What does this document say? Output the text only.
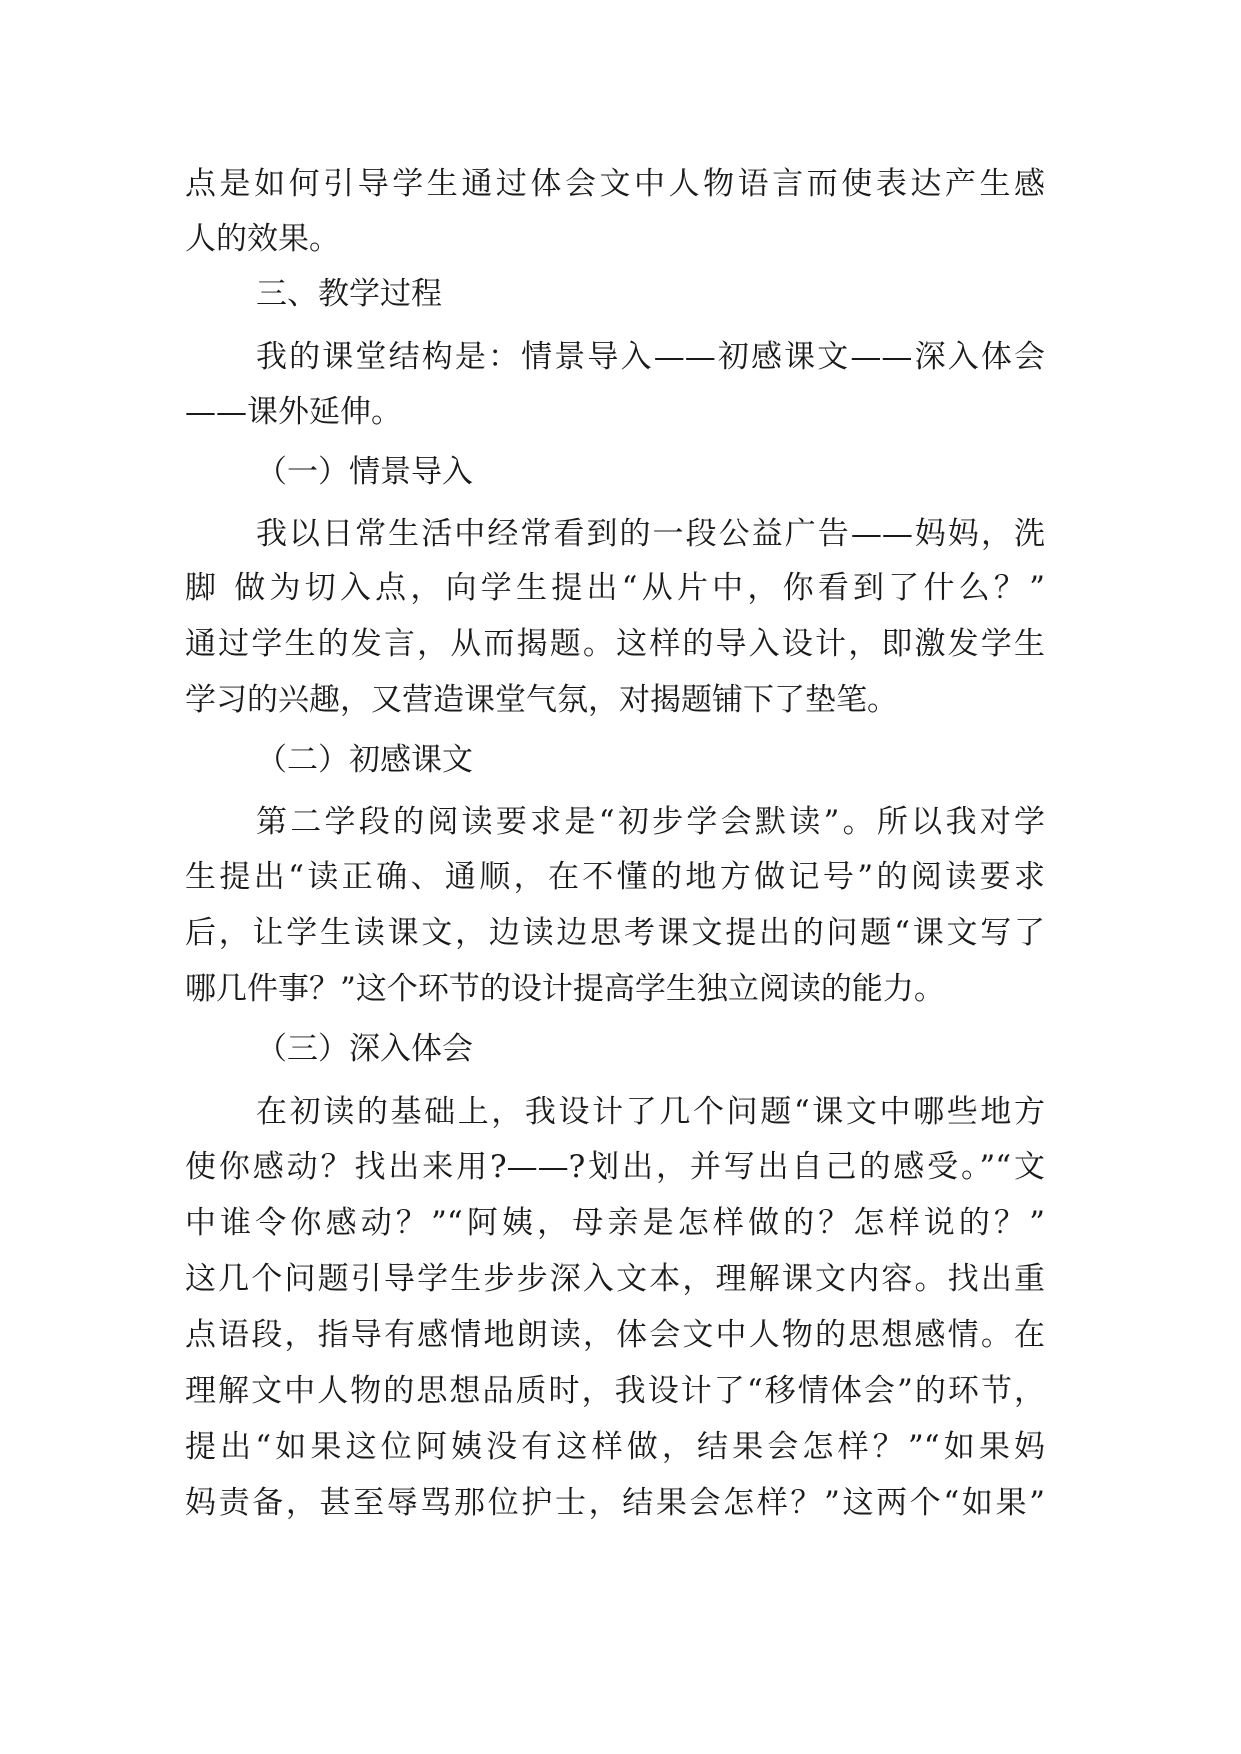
点是如何引导学生通过体会文中人物语言而使表达产生感
人的效果。
三、教学过程
我的课堂结构是：情景导入——初感课文——深入体会
——课外延伸。
（一）情景导入
我以日常生活中经常看到的一段公益广告——妈妈，洗
脚 做为切入点，向学生提出“从片中，你看到了什么？”
通过学生的发言，从而揭题。这样的导入设计，即激发学生
学习的兴趣，又营造课堂气氛，对揭题铺下了垫笔。
（二）初感课文
第二学段的阅读要求是“初步学会默读”。所以我对学
生提出“读正确、通顺，在不懂的地方做记号”的阅读要求
后，让学生读课文，边读边思考课文提出的问题“课文写了
哪几件事？”这个环节的设计提高学生独立阅读的能力。
（三）深入体会
在初读的基础上，我设计了几个问题“课文中哪些地方
使你感动？找出来用?——?划出，并写出自己的感受。”“文
中谁令你感动？”“阿姨，母亲是怎样做的？怎样说的？”
这几个问题引导学生步步深入文本，理解课文内容。找出重
点语段，指导有感情地朗读，体会文中人物的思想感情。在
理解文中人物的思想品质时，我设计了“移情体会”的环节，
提出“如果这位阿姨没有这样做，结果会怎样？”“如果妈
妈责备，甚至辱骂那位护士，结果会怎样？”这两个“如果”
